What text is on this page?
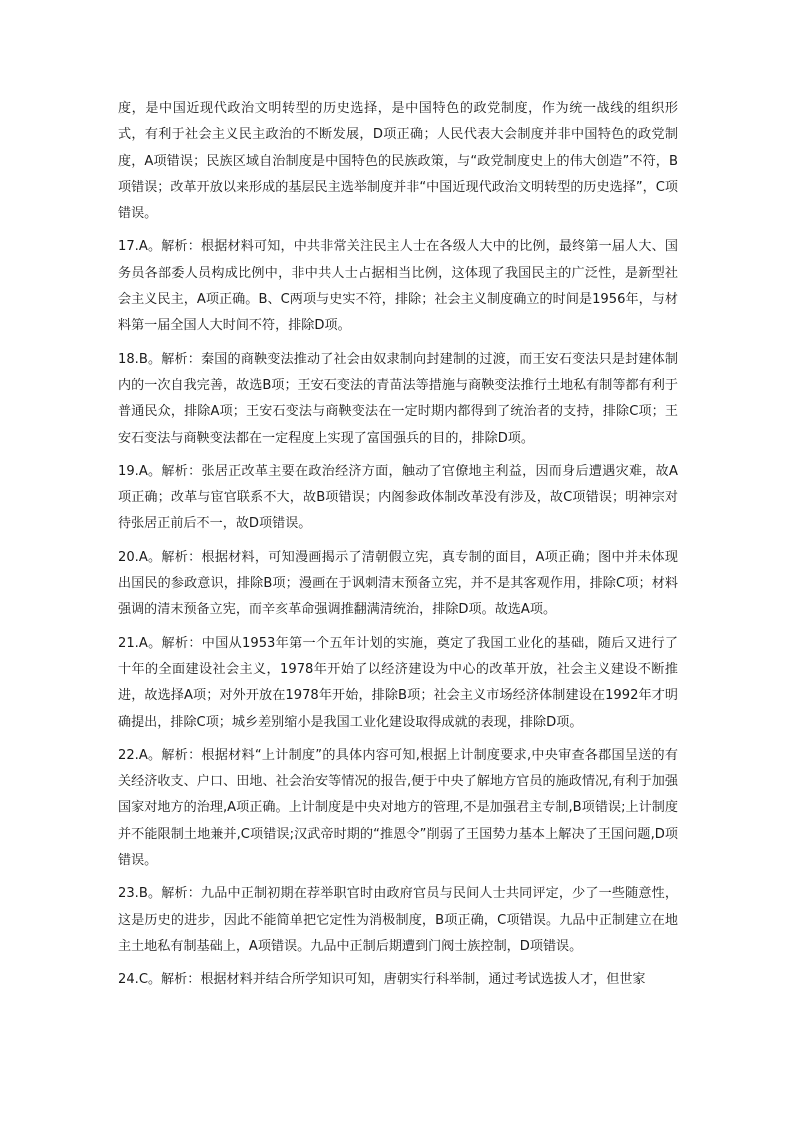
度，是中国近现代政治文明转型的历史选择，是中国特色的政党制度，作为统一战线的组织形式，有利于社会主义民主政治的不断发展，D项正确；人民代表大会制度并非中国特色的政党制度，A项错误；民族区域自治制度是中国特色的民族政策，与“政党制度史上的伟大创造”不符，B项错误；改革开放以来形成的基层民主选举制度并非“中国近现代政治文明转型的历史选择”，C项错误。

17.A。解析：根据材料可知，中共非常关注民主人士在各级人大中的比例，最终第一届人大、国务员各部委人员构成比例中，非中共人士占据相当比例，这体现了我国民主的广泛性，是新型社会主义民主，A项正确。B、C两项与史实不符，排除；社会主义制度确立的时间是1956年，与材料第一届全国人大时间不符，排除D项。

18.B。解析：秦国的商鞅变法推动了社会由奴隶制向封建制的过渡，而王安石变法只是封建体制内的一次自我完善，故选B项；王安石变法的青苗法等措施与商鞅变法推行土地私有制等都有利于普通民众，排除A项；王安石变法与商鞅变法在一定时期内都得到了统治者的支持，排除C项；王安石变法与商鞅变法都在一定程度上实现了富国强兵的目的，排除D项。

19.A。解析：张居正改革主要在政治经济方面，触动了官僚地主利益，因而身后遭遇灾难，故A项正确；改革与宦官联系不大，故B项错误；内阁参政体制改革没有涉及，故C项错误；明神宗对待张居正前后不一，故D项错误。

20.A。解析：根据材料，可知漫画揭示了清朝假立宪，真专制的面目，A项正确；图中并未体现出国民的参政意识，排除B项；漫画在于讽刺清末预备立宪，并不是其客观作用，排除C项；材料强调的清末预备立宪，而辛亥革命强调推翻满清统治，排除D项。故选A项。

21.A。解析：中国从1953年第一个五年计划的实施，奠定了我国工业化的基础，随后又进行了十年的全面建设社会主义，1978年开始了以经济建设为中心的改革开放，社会主义建设不断推进，故选择A项；对外开放在1978年开始，排除B项；社会主义市场经济体制建设在1992年才明确提出，排除C项；城乡差别缩小是我国工业化建设取得成就的表现，排除D项。

22.A。解析：根据材料“上计制度”的具体内容可知,根据上计制度要求,中央审查各郡国呈送的有关经济收支、户口、田地、社会治安等情况的报告,便于中央了解地方官员的施政情况,有利于加强国家对地方的治理,A项正确。上计制度是中央对地方的管理,不是加强君主专制,B项错误;上计制度并不能限制土地兼并,C项错误;汉武帝时期的“推恩令”削弱了王国势力基本上解决了王国问题,D项错误。

23.B。解析：九品中正制初期在荐举职官时由政府官员与民间人士共同评定，少了一些随意性，这是历史的进步，因此不能简单把它定性为消极制度，B项正确，C项错误。九品中正制建立在地主土地私有制基础上，A项错误。九品中正制后期遭到门阀士族控制，D项错误。

24.C。解析：根据材料并结合所学知识可知，唐朝实行科举制，通过考试选拔人才，但世家
